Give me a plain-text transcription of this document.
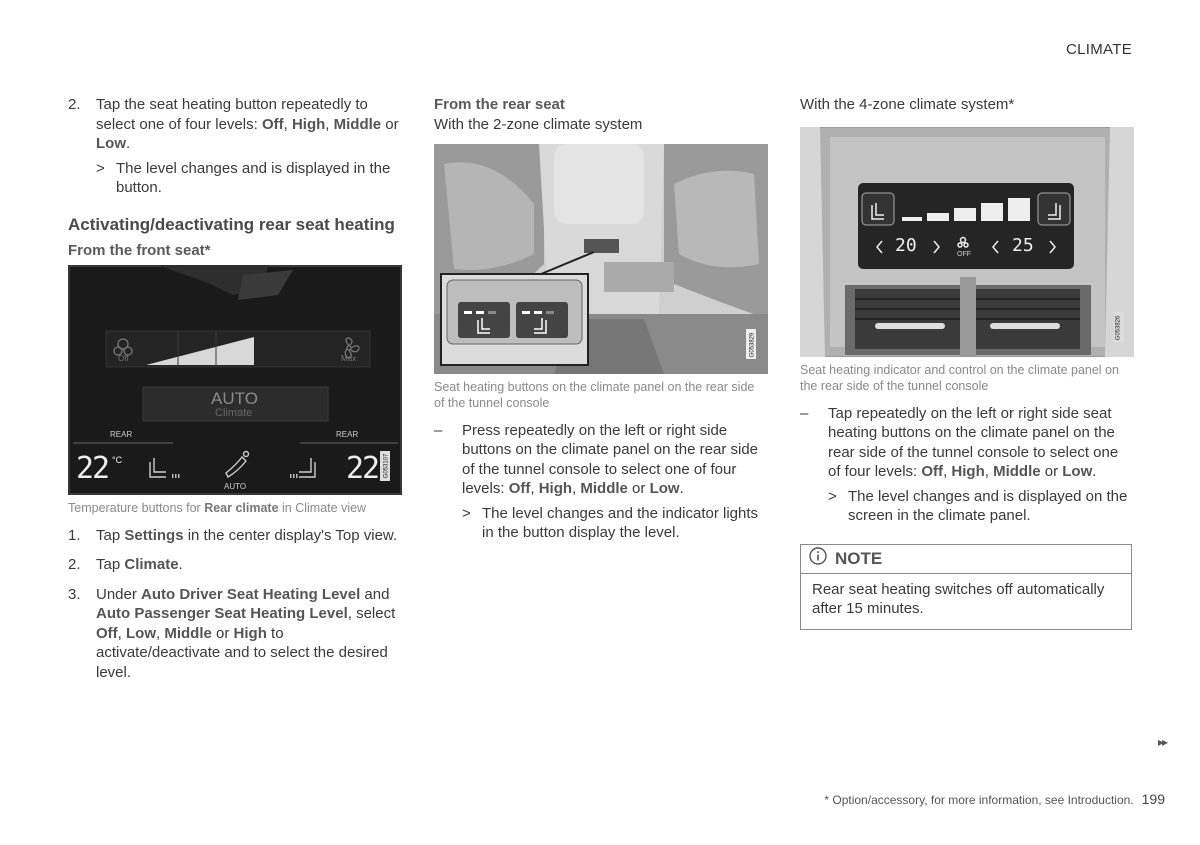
CLIMATE
2. Tap the seat heating button repeatedly to select one of four levels: Off, High, Middle or Low.
> The level changes and is displayed in the button.
Activating/deactivating rear seat heating
From the front seat*
Off	Max
AUTO
Climate
REAR	REAR
22 °C	22
AUTO
G053107

Temperature buttons for Rear climate in Climate view

1. Tap Settings in the center display's Top view.
2. Tap Climate.
3. Under Auto Driver Seat Heating Level and Auto Passenger Seat Heating Level, select Off, Low, Middle or High to activate/deactivate and to select the desired level.
From the rear seat

With the 2-zone climate system

G053829

Seat heating buttons on the climate panel on the rear side of the tunnel console

– Press repeatedly on the left or right side buttons on the climate panel on the rear side of the tunnel console to select one of four levels: Off, High, Middle or Low.
> The level changes and the indicator lights in the button display the level.

With the 4-zone climate system*

20	25
OFF
G053826

Seat heating indicator and control on the climate panel on the rear side of the tunnel console

– Tap repeatedly on the left or right side seat heating buttons on the climate panel on the rear side of the tunnel console to select one of four levels: Off, High, Middle or Low.
> The level changes and is displayed on the screen in the climate panel.
NOTE
Rear seat heating switches off automatically after 15 minutes.
▸▸
* Option/accessory, for more information, see Introduction. 199
